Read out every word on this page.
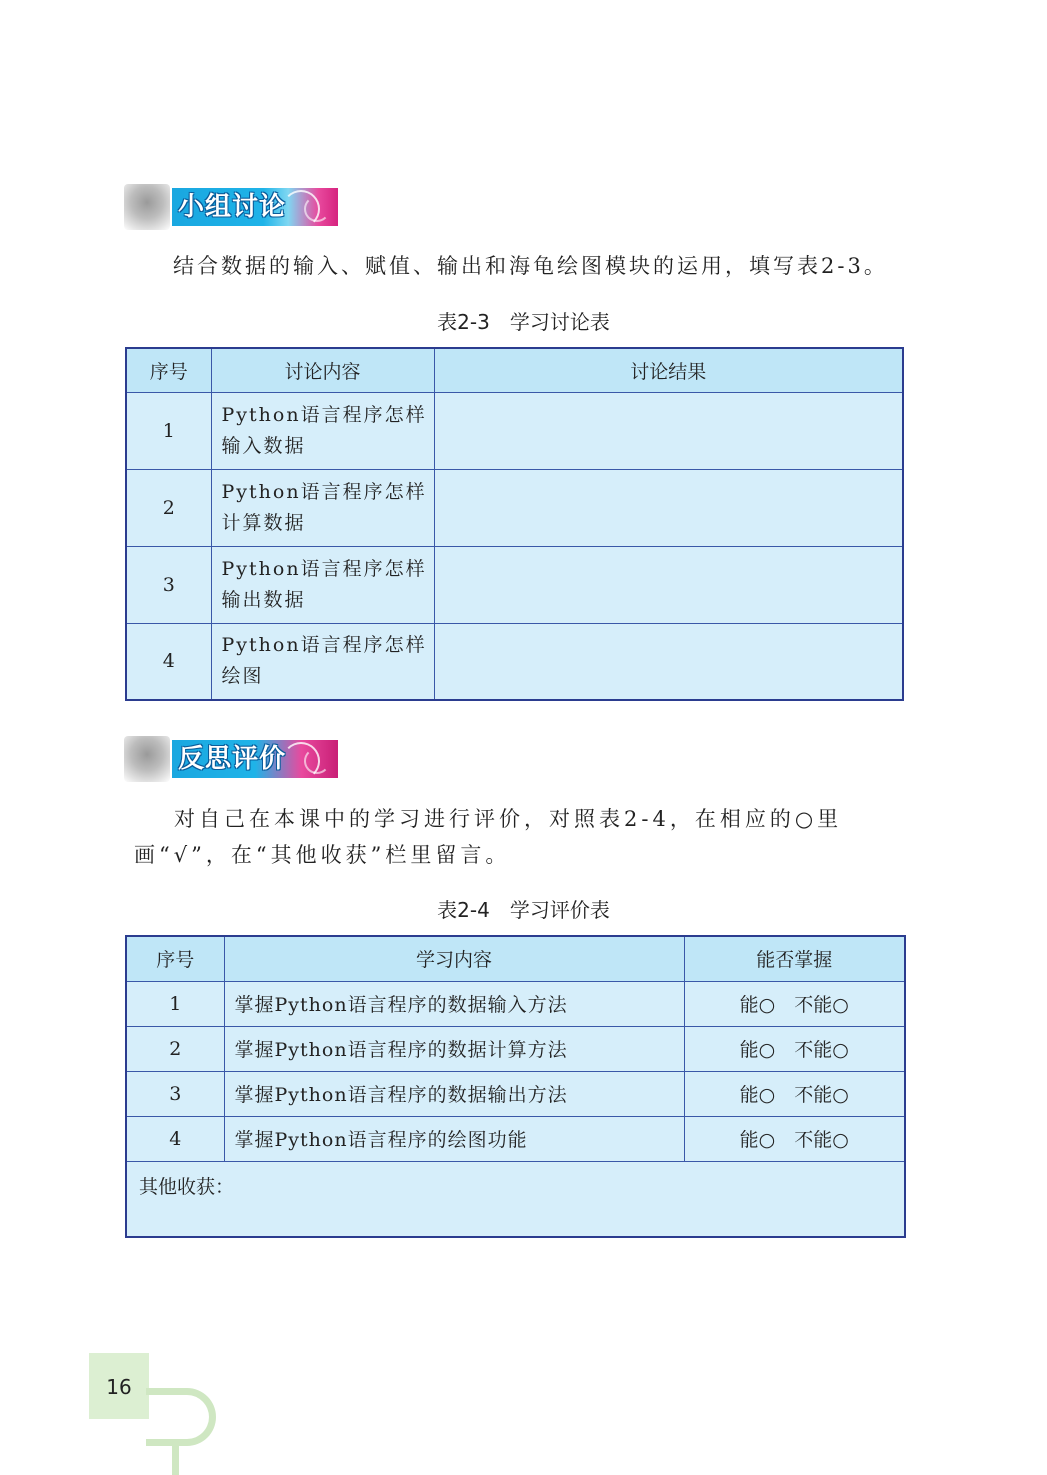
小组讨论
结合数据的输入、赋值、输出和海龟绘图模块的运用，填写表2-3。
表2-3　学习讨论表
序号	讨论内容	讨论结果
1	Python语言程序怎样
输入数据	
2	Python语言程序怎样
计算数据	
3	Python语言程序怎样
输出数据	
4	Python语言程序怎样
绘图	
反思评价
对自己在本课中的学习进行评价，对照表2-4，在相应的○里画“√”，在“其他收获”栏里留言。
表2-4　学习评价表
序号	学习内容	能否掌握
1	掌握Python语言程序的数据输入方法	能○　不能○
2	掌握Python语言程序的数据计算方法	能○　不能○
3	掌握Python语言程序的数据输出方法	能○　不能○
4	掌握Python语言程序的绘图功能	能○　不能○
其他收获：		
16
